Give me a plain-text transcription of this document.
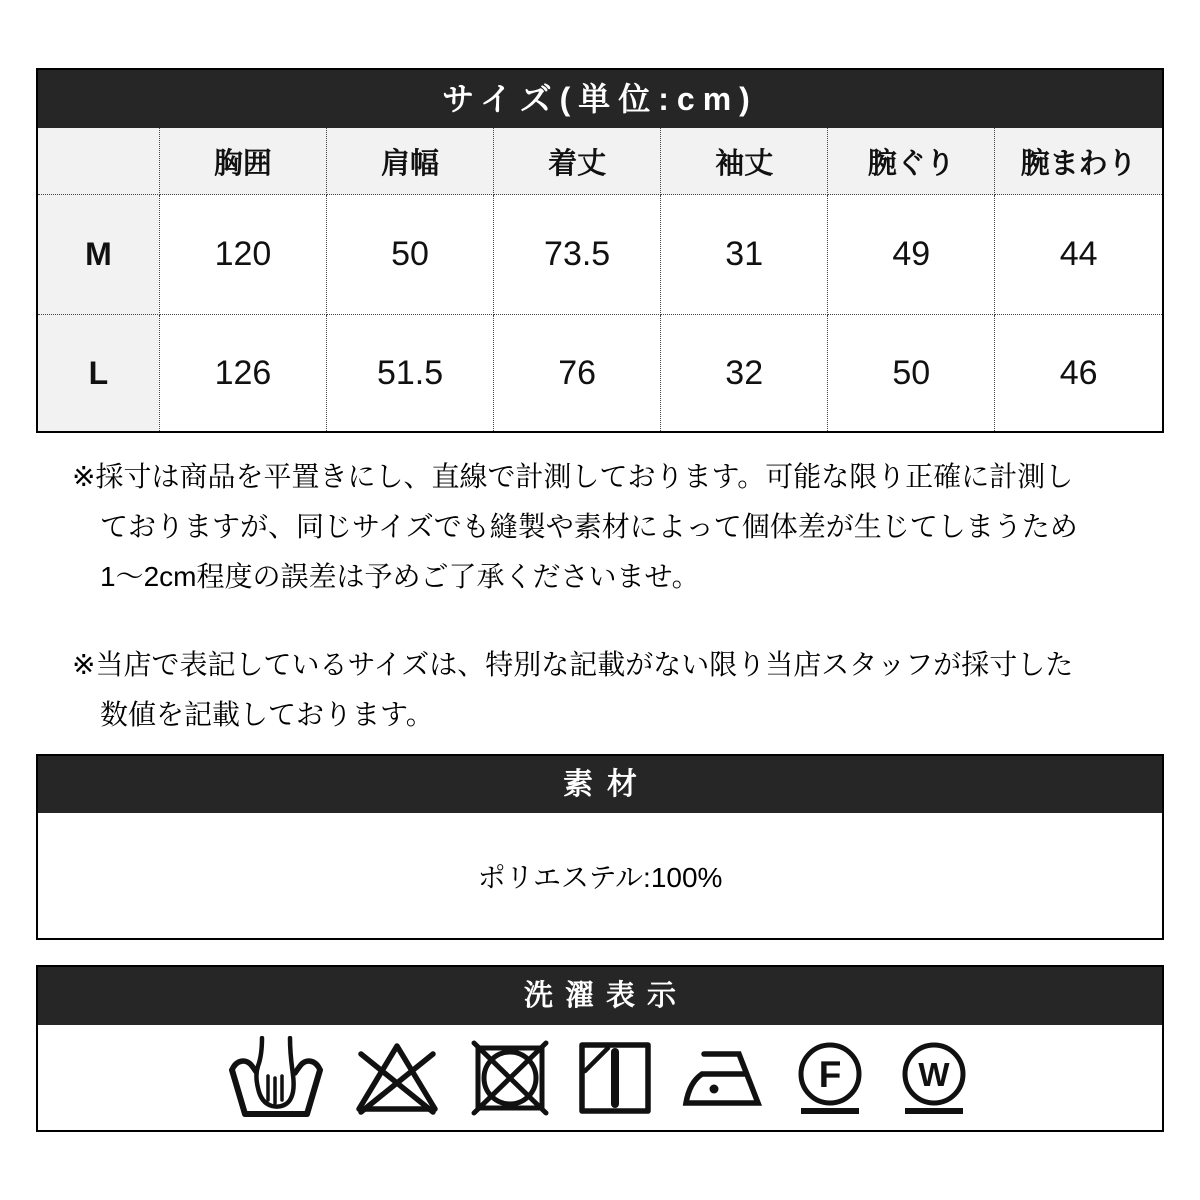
サイズ(単位:cm)
	胸囲	肩幅	着丈	袖丈	腕ぐり	腕まわり
M	120	50	73.5	31	49	44
L	126	51.5	76	32	50	46
※採寸は商品を平置きにし、直線で計測しております。可能な限り正確に計測し
ておりますが、同じサイズでも縫製や素材によって個体差が生じてしまうため
1〜2cm程度の誤差は予めご了承くださいませ。
※当店で表記しているサイズは、特別な記載がない限り当店スタッフが採寸した
数値を記載しております。
素材
ポリエステル:100%
洗濯表示
F W
